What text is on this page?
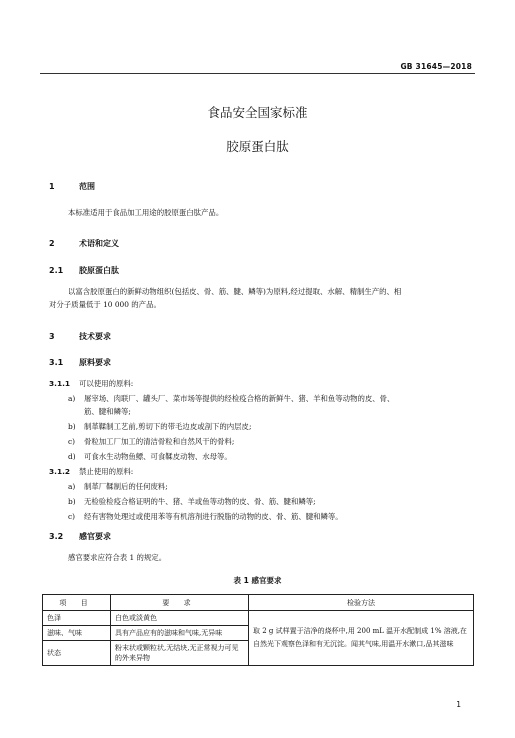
GB 31645—2018
食品安全国家标准
胶原蛋白肽
1	范围
本标准适用于食品加工用途的胶原蛋白肽产品。
2	术语和定义
2.1 胶原蛋白肽
以富含胶原蛋白的新鲜动物组织(包括皮、骨、筋、腱、鳞等)为原料,经过提取、水解、精制生产的、相
对分子质量低于 10 000 的产品。
3	技术要求
3.1 原料要求
3.1.1 可以使用的原料:
a) 屠宰场、肉联厂、罐头厂、菜市场等提供的经检疫合格的新鲜牛、猪、羊和鱼等动物的皮、骨、
筋、腱和鳞等;
b) 制革鞣制工艺前,剪切下的带毛边皮或剖下的内层皮;
c) 骨粒加工厂加工的清洁骨粒和自然风干的骨料;
d) 可食水生动物鱼鳔、可食鞣皮动物、水母等。
3.1.2 禁止使用的原料:
a) 制革厂鞣制后的任何废料;
b) 无检验检疫合格证明的牛、猪、羊或鱼等动物的皮、骨、筋、腱和鳞等;
c) 经有害物处理过或使用苯等有机溶剂进行脱脂的动物的皮、骨、筋、腱和鳞等。
3.2 感官要求
感官要求应符合表 1 的规定。
表 1 感官要求
项 目	要 求	检验方法
色泽	白色或淡黄色	取 2 g 试样置于洁净的烧杯中,用 200 mL 温开水配制成 1% 溶液,在自然光下观察色泽和有无沉淀。闻其气味,用温开水漱口,品其滋味
滋味、气味	具有产品应有的滋味和气味,无异味	
状态	粉末状或颗粒状,无结块,无正常视力可见的外来异物	
1
